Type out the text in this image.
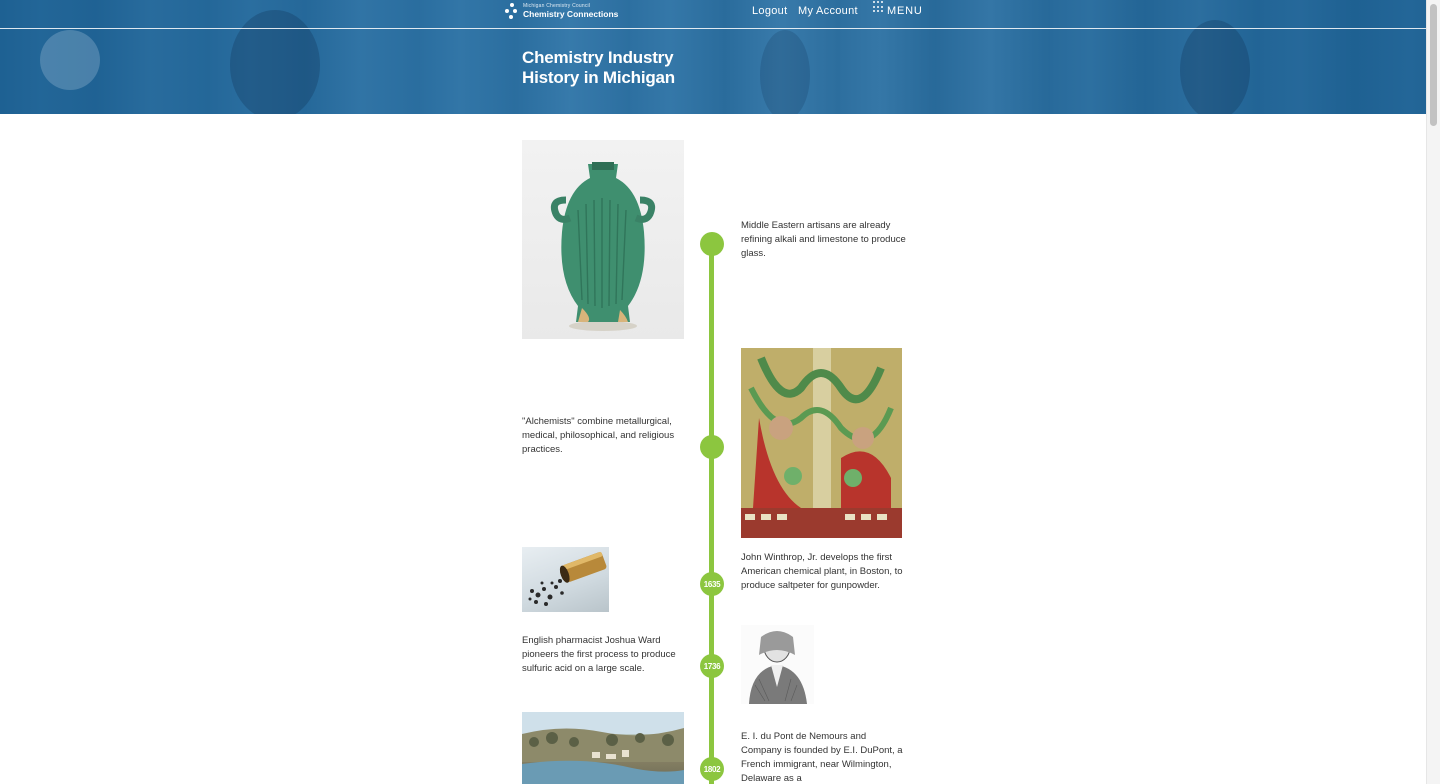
Michigan Chemistry Council
Chemistry Connections	Logout My Account	MENU
Chemistry Industry
History in Michigan
Middle Eastern artisans are already refining alkali and limestone to produce glass.
"Alchemists" combine metallurgical, medical, philosophical, and religious practices.
1635
John Winthrop, Jr. develops the first American chemical plant, in Boston, to produce saltpeter for gunpowder.
1736
English pharmacist Joshua Ward pioneers the first process to produce sulfuric acid on a large scale.
1802
E. I. du Pont de Nemours and Company is founded by E.I. DuPont, a French immigrant, near Wilmington, Delaware as a
